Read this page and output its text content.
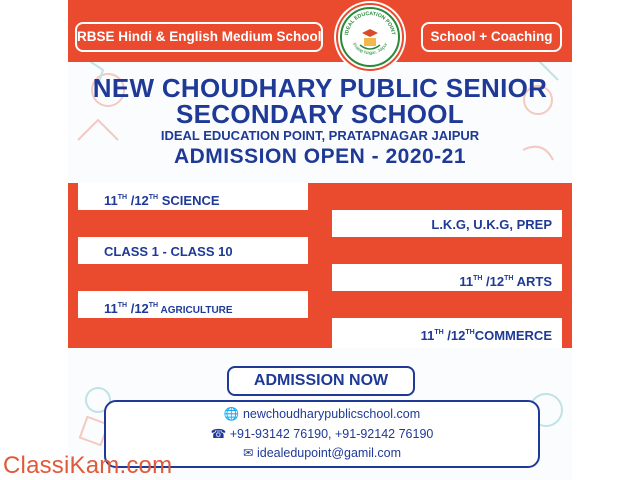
RBSE Hindi & English Medium School	School + Coaching
IDEAL EDUCATION POINT
Pratap Nagar, Jaipur
NEW CHOUDHARY PUBLIC SENIOR
SECONDARY SCHOOL
IDEAL EDUCATION POINT, PRATAPNAGAR JAIPUR
ADMISSION OPEN - 2020-21
11TH /12TH SCIENCE
L.K.G, U.K.G, PREP
CLASS 1 - CLASS 10
11TH /12TH ARTS
11TH /12TH AGRICULTURE
11TH /12THCOMMERCE
ADMISSION NOW
🌐 newchoudharypublicschool.com
☎ +91-93142 76190, +91-92142 76190
✉ idealedupoint@gamil.com
ClassiKam.com
